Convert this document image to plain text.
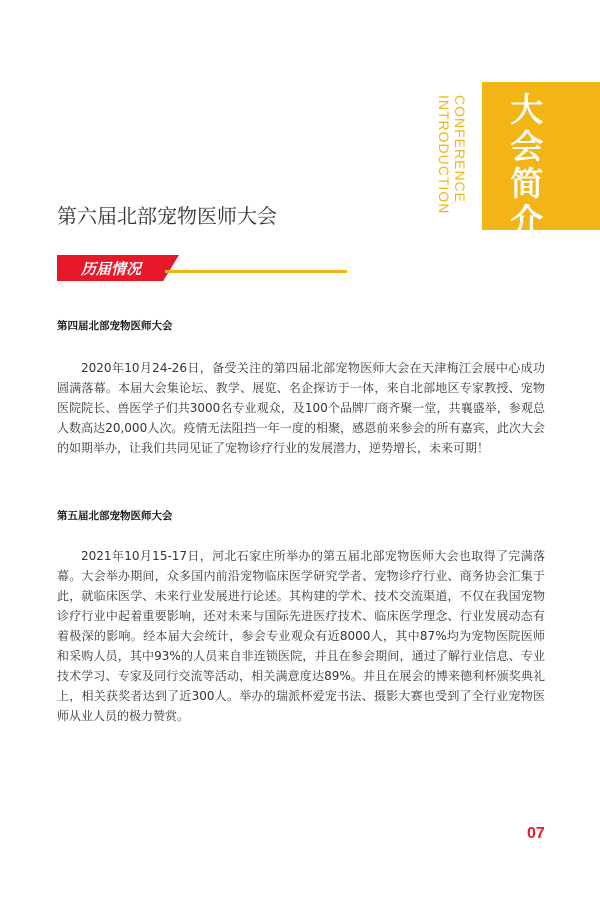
大会简介
CONFERENCE
INTRODUCTION
第六届北部宠物医师大会
历届情况
第四届北部宠物医师大会

2020年10月24-26日，备受关注的第四届北部宠物医师大会在天津梅江会展中心成功圆满落幕。本届大会集论坛、教学、展览、名企探访于一体，来自北部地区专家教授、宠物医院院长、兽医学子们共3000名专业观众，及100个品牌厂商齐聚一堂，共襄盛举，参观总人数高达20,000人次。疫情无法阻挡一年一度的相聚，感恩前来参会的所有嘉宾，此次大会的如期举办，让我们共同见证了宠物诊疗行业的发展潜力，逆势增长，未来可期！

第五届北部宠物医师大会

2021年10月15-17日，河北石家庄所举办的第五届北部宠物医师大会也取得了完满落幕。大会举办期间，众多国内前沿宠物临床医学研究学者、宠物诊疗行业、商务协会汇集于此，就临床医学、未来行业发展进行论述。其构建的学术、技术交流渠道，不仅在我国宠物诊疗行业中起着重要影响，还对未来与国际先进医疗技术、临床医学理念、行业发展动态有着极深的影响。经本届大会统计，参会专业观众有近8000人，其中87%均为宠物医院医师和采购人员，其中93%的人员来自非连锁医院，并且在参会期间，通过了解行业信息、专业技术学习、专家及同行交流等活动，相关满意度达89%。并且在展会的博来德利杯颁奖典礼上，相关获奖者达到了近300人。举办的瑞派杯爱宠书法、摄影大赛也受到了全行业宠物医师从业人员的极力赞赏。

07
